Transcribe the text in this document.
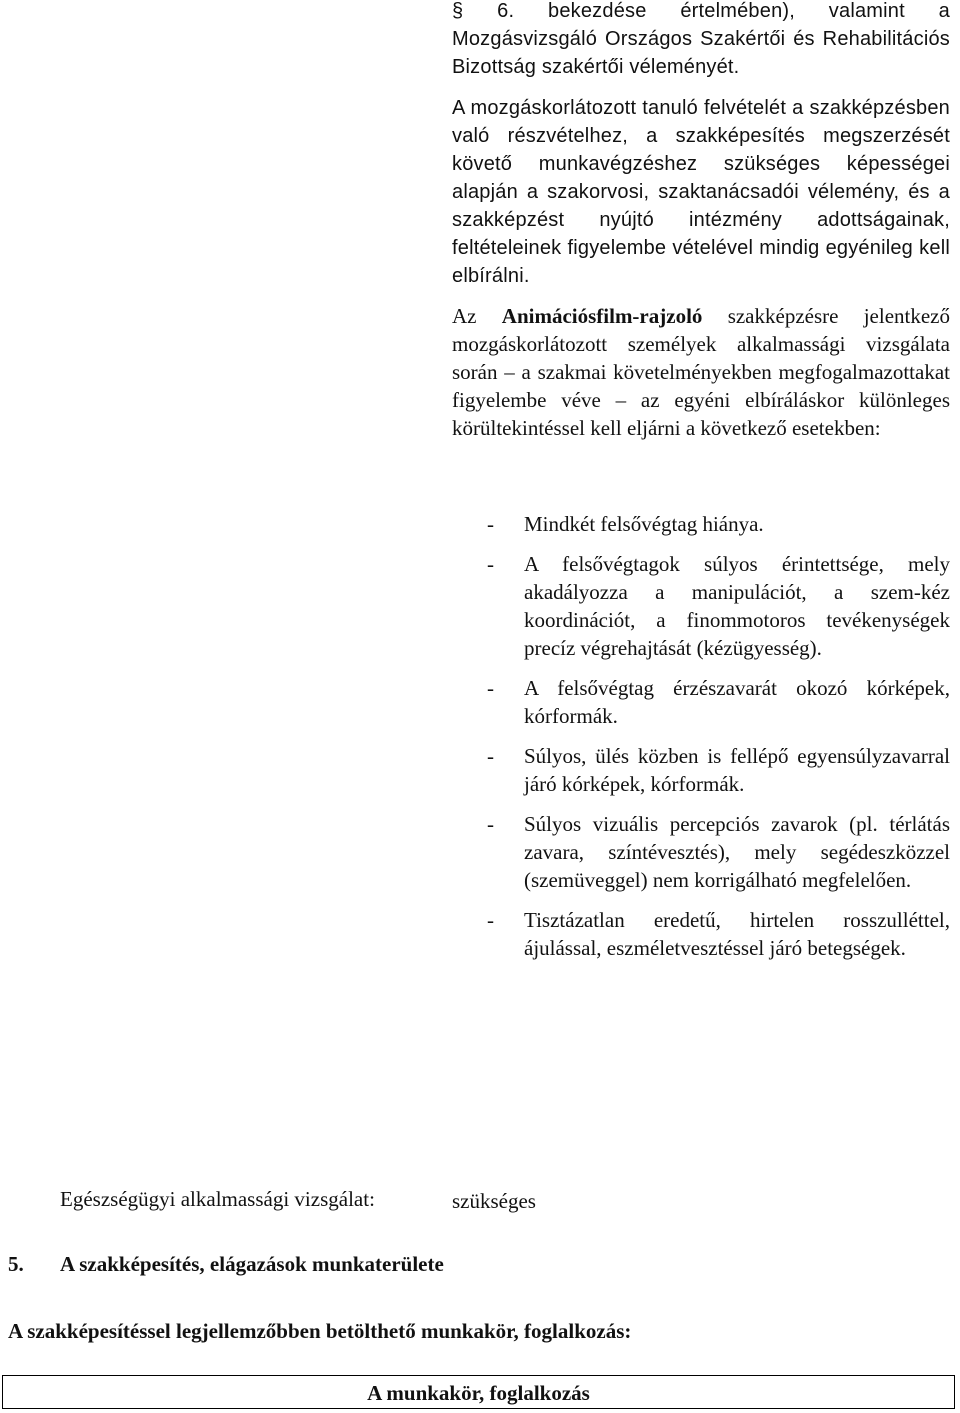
§ 6. bekezdése értelmében), valamint a Mozgásvizsgáló Országos Szakértői és Rehabilitációs Bizottság szakértői véleményét.

A mozgáskorlátozott tanuló felvételét a szakképzésben való részvételhez, a szakképesítés megszerzését követő munkavégzéshez szükséges képességei alapján a szakorvosi, szaktanácsadói vélemény, és a szakképzést nyújtó intézmény adottságainak, feltételeinek figyelembe vételével mindig egyénileg kell elbírálni.

Az Animációsfilm-rajzoló szakképzésre jelentkező mozgáskorlátozott személyek alkalmassági vizsgálata során – a szakmai követelményekben megfogalmazottakat figyelembe véve – az egyéni elbíráláskor különleges körültekintéssel kell eljárni a következő esetekben:

- Mindkét felsővégtag hiánya.

- A felsővégtagok súlyos érintettsége, mely akadályozza a manipulációt, a szem-kéz koordinációt, a finommotoros tevékenységek precíz végrehajtását (kézügyesség).

- A felsővégtag érzészavarát okozó kórképek, kórformák.

- Súlyos, ülés közben is fellépő egyensúlyzavarral járó kórképek, kórformák.

- Súlyos vizuális percepciós zavarok (pl. térlátás zavara, színtévesztés), mely segédeszközzel (szemüveggel) nem korrigálható megfelelően.

- Tisztázatlan eredetű, hirtelen rosszulléttel, ájulással, eszméletvesztéssel járó betegségek.

Egészségügyi alkalmassági vizsgálat:	szükséges
5. A szakképesítés, elágazások munkaterülete
A szakképesítéssel legjellemzőbben betölthető munkakör, foglalkozás:
A munkakör, foglalkozás
